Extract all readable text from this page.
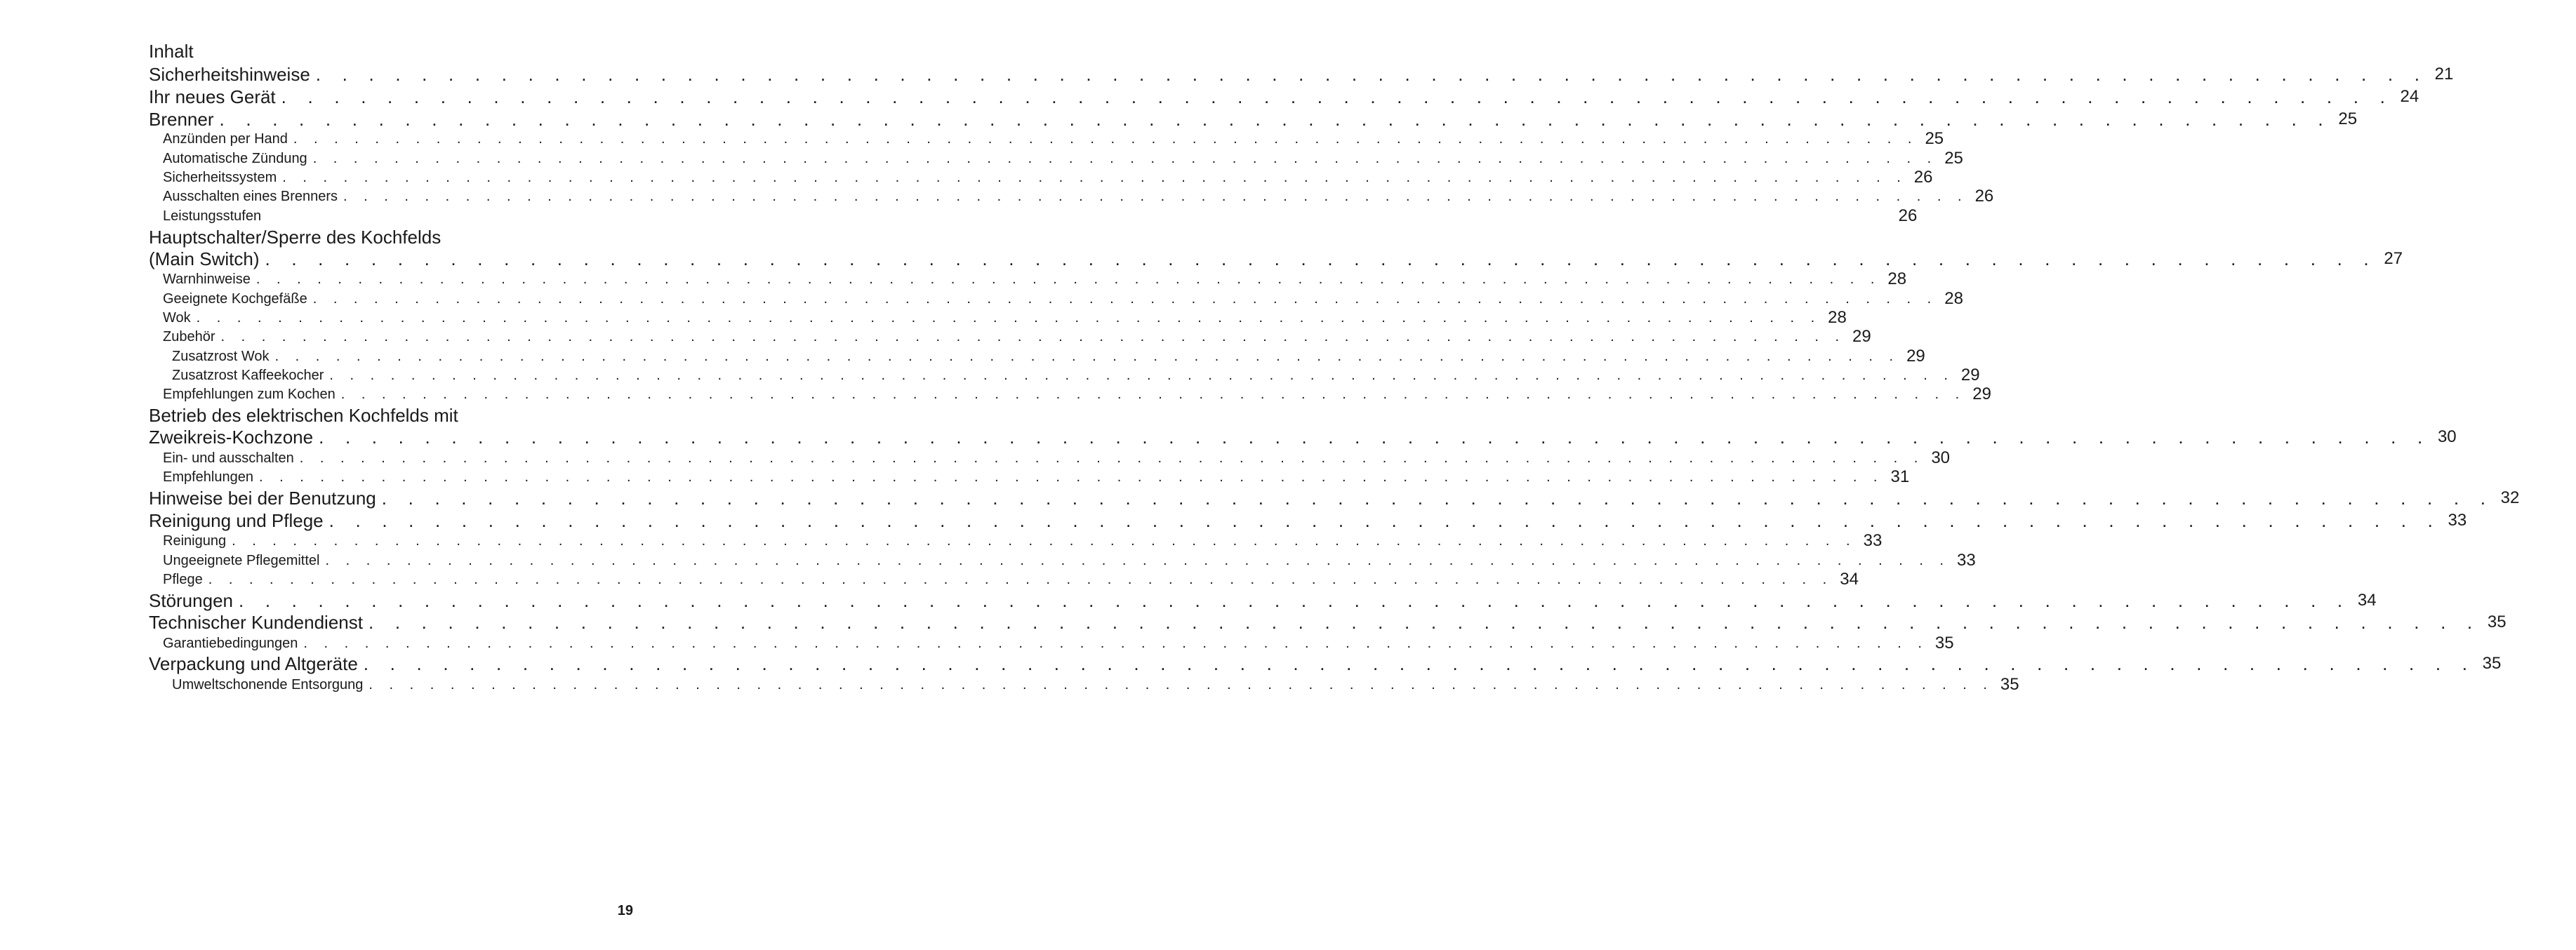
Inhalt
Sicherheitshinweise . . . . . . . . . . . . . . . . . . . . . . . . . . . . . . . . . . . . . . . . . . . . . . . . . . . . . . . . . . . . . . . . . . . . . . . . . . . . . . . . 21
Ihr neues Gerät . . . . . . . . . . . . . . . . . . . . . . . . . . . . . . . . . . . . . . . . . . . . . . . . . . . . . . . . . . . . . . . . . . . . . . . . . . . . . . . . 24
Brenner . . . . . . . . . . . . . . . . . . . . . . . . . . . . . . . . . . . . . . . . . . . . . . . . . . . . . . . . . . . . . . . . . . . . . . . . . . . . . . . . 25
Anzünden per Hand . . . . . . . . . . . . . . . . . . . . . . . . . . . . . . . . . . . . . . . . . . . . . . . . . . . . . . . . . . . . . . . . . . . . . . . . . . . . . . . . 25
Automatische Zündung . . . . . . . . . . . . . . . . . . . . . . . . . . . . . . . . . . . . . . . . . . . . . . . . . . . . . . . . . . . . . . . . . . . . . . . . . . . . . . . . 25
Sicherheitssystem . . . . . . . . . . . . . . . . . . . . . . . . . . . . . . . . . . . . . . . . . . . . . . . . . . . . . . . . . . . . . . . . . . . . . . . . . . . . . . . . 26
Ausschalten eines Brenners . . . . . . . . . . . . . . . . . . . . . . . . . . . . . . . . . . . . . . . . . . . . . . . . . . . . . . . . . . . . . . . . . . . . . . . . . . . . . . . . 26
Leistungsstufen	26
Hauptschalter/Sperre des Kochfelds
(Main Switch) . . . . . . . . . . . . . . . . . . . . . . . . . . . . . . . . . . . . . . . . . . . . . . . . . . . . . . . . . . . . . . . . . . . . . . . . . . . . . . . . 27
Warnhinweise . . . . . . . . . . . . . . . . . . . . . . . . . . . . . . . . . . . . . . . . . . . . . . . . . . . . . . . . . . . . . . . . . . . . . . . . . . . . . . . . 28
Geeignete Kochgefäße . . . . . . . . . . . . . . . . . . . . . . . . . . . . . . . . . . . . . . . . . . . . . . . . . . . . . . . . . . . . . . . . . . . . . . . . . . . . . . . . 28
Wok . . . . . . . . . . . . . . . . . . . . . . . . . . . . . . . . . . . . . . . . . . . . . . . . . . . . . . . . . . . . . . . . . . . . . . . . . . . . . . . . 28
Zubehör . . . . . . . . . . . . . . . . . . . . . . . . . . . . . . . . . . . . . . . . . . . . . . . . . . . . . . . . . . . . . . . . . . . . . . . . . . . . . . . . 29
Zusatzrost Wok . . . . . . . . . . . . . . . . . . . . . . . . . . . . . . . . . . . . . . . . . . . . . . . . . . . . . . . . . . . . . . . . . . . . . . . . . . . . . . . . 29
Zusatzrost Kaffeekocher . . . . . . . . . . . . . . . . . . . . . . . . . . . . . . . . . . . . . . . . . . . . . . . . . . . . . . . . . . . . . . . . . . . . . . . . . . . . . . . . 29
Empfehlungen zum Kochen . . . . . . . . . . . . . . . . . . . . . . . . . . . . . . . . . . . . . . . . . . . . . . . . . . . . . . . . . . . . . . . . . . . . . . . . . . . . . . . . 29
Betrieb des elektrischen Kochfelds mit
Zweikreis-Kochzone . . . . . . . . . . . . . . . . . . . . . . . . . . . . . . . . . . . . . . . . . . . . . . . . . . . . . . . . . . . . . . . . . . . . . . . . . . . . . . . . 30
Ein- und ausschalten . . . . . . . . . . . . . . . . . . . . . . . . . . . . . . . . . . . . . . . . . . . . . . . . . . . . . . . . . . . . . . . . . . . . . . . . . . . . . . . . 30
Empfehlungen . . . . . . . . . . . . . . . . . . . . . . . . . . . . . . . . . . . . . . . . . . . . . . . . . . . . . . . . . . . . . . . . . . . . . . . . . . . . . . . . 31
Hinweise bei der Benutzung . . . . . . . . . . . . . . . . . . . . . . . . . . . . . . . . . . . . . . . . . . . . . . . . . . . . . . . . . . . . . . . . . . . . . . . . . . . . . . . . 32
Reinigung und Pflege . . . . . . . . . . . . . . . . . . . . . . . . . . . . . . . . . . . . . . . . . . . . . . . . . . . . . . . . . . . . . . . . . . . . . . . . . . . . . . . . 33
Reinigung . . . . . . . . . . . . . . . . . . . . . . . . . . . . . . . . . . . . . . . . . . . . . . . . . . . . . . . . . . . . . . . . . . . . . . . . . . . . . . . . 33
Ungeeignete Pflegemittel . . . . . . . . . . . . . . . . . . . . . . . . . . . . . . . . . . . . . . . . . . . . . . . . . . . . . . . . . . . . . . . . . . . . . . . . . . . . . . . . 33
Pflege . . . . . . . . . . . . . . . . . . . . . . . . . . . . . . . . . . . . . . . . . . . . . . . . . . . . . . . . . . . . . . . . . . . . . . . . . . . . . . . . 34
Störungen . . . . . . . . . . . . . . . . . . . . . . . . . . . . . . . . . . . . . . . . . . . . . . . . . . . . . . . . . . . . . . . . . . . . . . . . . . . . . . . . 34
Technischer Kundendienst . . . . . . . . . . . . . . . . . . . . . . . . . . . . . . . . . . . . . . . . . . . . . . . . . . . . . . . . . . . . . . . . . . . . . . . . . . . . . . . . 35
Garantiebedingungen . . . . . . . . . . . . . . . . . . . . . . . . . . . . . . . . . . . . . . . . . . . . . . . . . . . . . . . . . . . . . . . . . . . . . . . . . . . . . . . . 35
Verpackung und Altgeräte . . . . . . . . . . . . . . . . . . . . . . . . . . . . . . . . . . . . . . . . . . . . . . . . . . . . . . . . . . . . . . . . . . . . . . . . . . . . . . . . 35
Umweltschonende Entsorgung . . . . . . . . . . . . . . . . . . . . . . . . . . . . . . . . . . . . . . . . . . . . . . . . . . . . . . . . . . . . . . . . . . . . . . . . . . . . . . . . 35
19
